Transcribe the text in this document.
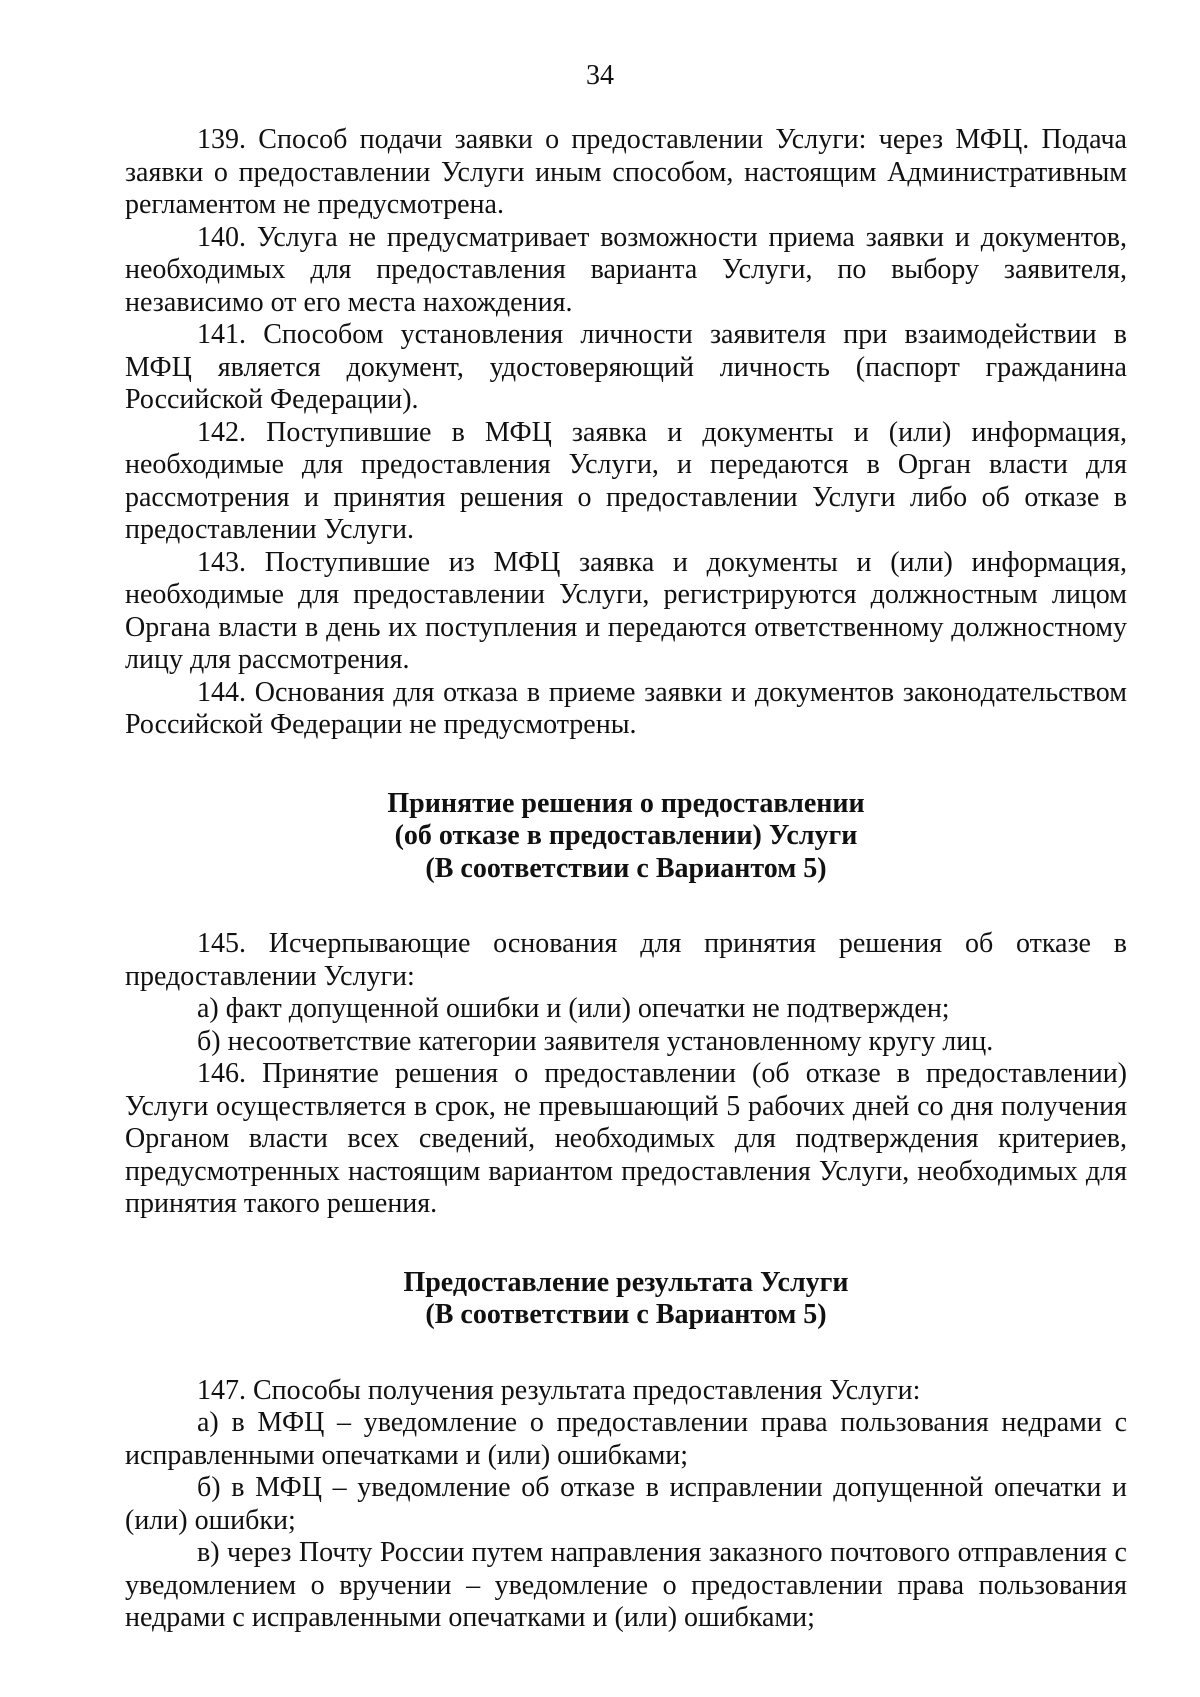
34

139. Способ подачи заявки о предоставлении Услуги: через МФЦ. Подача заявки о предоставлении Услуги иным способом, настоящим Административным регламентом не предусмотрена.

140. Услуга не предусматривает возможности приема заявки и документов, необходимых для предоставления варианта Услуги, по выбору заявителя, независимо от его места нахождения.

141. Способом установления личности заявителя при взаимодействии в МФЦ является документ, удостоверяющий личность (паспорт гражданина Российской Федерации).

142. Поступившие в МФЦ заявка и документы и (или) информация, необходимые для предоставления Услуги, и передаются в Орган власти для рассмотрения и принятия решения о предоставлении Услуги либо об отказе в предоставлении Услуги.

143. Поступившие из МФЦ заявка и документы и (или) информация, необходимые для предоставлении Услуги, регистрируются должностным лицом Органа власти в день их поступления и передаются ответственному должностному лицу для рассмотрения.

144. Основания для отказа в приеме заявки и документов законодательством Российской Федерации не предусмотрены.

Принятие решения о предоставлении
(об отказе в предоставлении) Услуги
(В соответствии с Вариантом 5)

145. Исчерпывающие основания для принятия решения об отказе в предоставлении Услуги:

а) факт допущенной ошибки и (или) опечатки не подтвержден;

б) несоответствие категории заявителя установленному кругу лиц.

146. Принятие решения о предоставлении (об отказе в предоставлении) Услуги осуществляется в срок, не превышающий 5 рабочих дней со дня получения Органом власти всех сведений, необходимых для подтверждения критериев, предусмотренных настоящим вариантом предоставления Услуги, необходимых для принятия такого решения.

Предоставление результата Услуги
(В соответствии с Вариантом 5)

147. Способы получения результата предоставления Услуги:

а) в МФЦ – уведомление о предоставлении права пользования недрами с исправленными опечатками и (или) ошибками;

б) в МФЦ – уведомление об отказе в исправлении допущенной опечатки и (или) ошибки;

в) через Почту России путем направления заказного почтового отправления с уведомлением о вручении – уведомление о предоставлении права пользования недрами с исправленными опечатками и (или) ошибками;
